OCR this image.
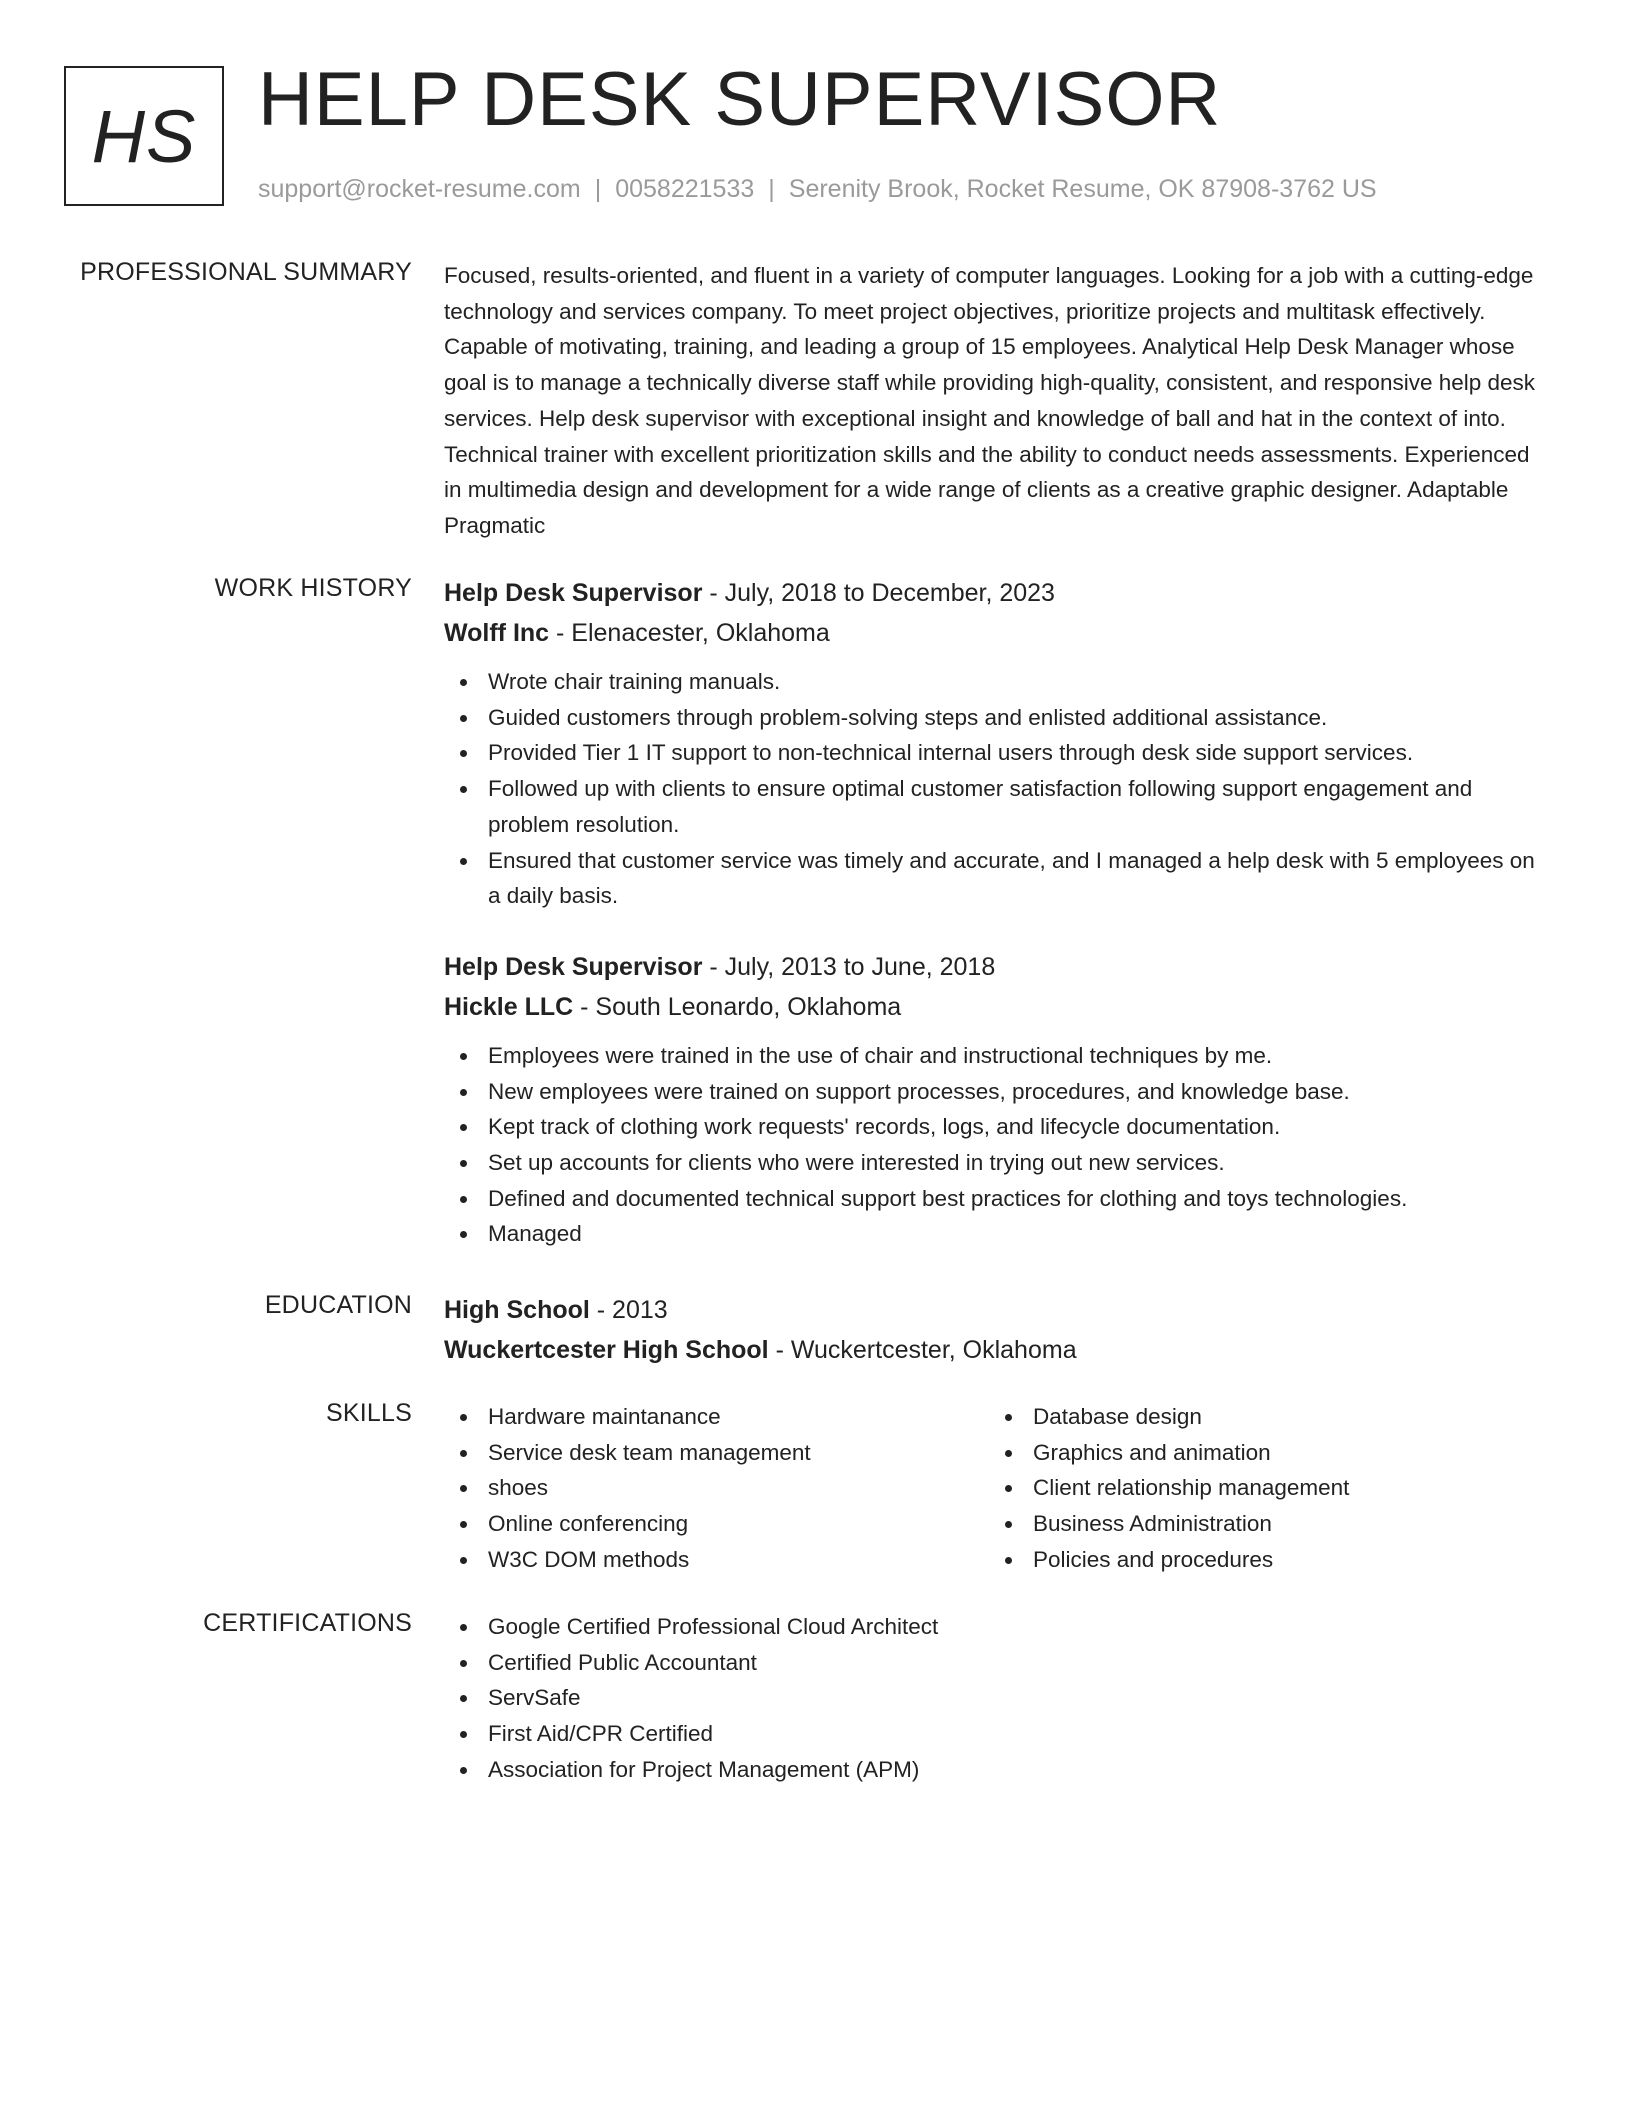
HS HELP DESK SUPERVISOR
support@rocket-resume.com | 0058221533 | Serenity Brook, Rocket Resume, OK 87908-3762 US
PROFESSIONAL SUMMARY Focused, results-oriented, and fluent in a variety of computer languages. Looking for a job with a cutting-edge technology and services company. To meet project objectives, prioritize projects and multitask effectively. Capable of motivating, training, and leading a group of 15 employees. Analytical Help Desk Manager whose goal is to manage a technically diverse staff while providing high-quality, consistent, and responsive help desk services. Help desk supervisor with exceptional insight and knowledge of ball and hat in the context of into. Technical trainer with excellent prioritization skills and the ability to conduct needs assessments. Experienced in multimedia design and development for a wide range of clients as a creative graphic designer. Adaptable Pragmatic

WORK HISTORY Help Desk Supervisor - July, 2018 to December, 2023

Wolff Inc - Elenacester, Oklahoma

Wrote chair training manuals.
Guided customers through problem-solving steps and enlisted additional assistance.
Provided Tier 1 IT support to non-technical internal users through desk side support services.
Followed up with clients to ensure optimal customer satisfaction following support engagement and problem resolution.
Ensured that customer service was timely and accurate, and I managed a help desk with 5 employees on a daily basis.

Help Desk Supervisor - July, 2013 to June, 2018

Hickle LLC - South Leonardo, Oklahoma

Employees were trained in the use of chair and instructional techniques by me.
New employees were trained on support processes, procedures, and knowledge base.
Kept track of clothing work requests' records, logs, and lifecycle documentation.
Set up accounts for clients who were interested in trying out new services.
Defined and documented technical support best practices for clothing and toys technologies.
Managed
EDUCATION High School - 2013

Wuckertcester High School - Wuckertcester, Oklahoma

SKILLS	Hardware maintanance
Service desk team management
shoes
Online conferencing
W3C DOM methods
Database design
Graphics and animation
Client relationship management
Business Administration
Policies and procedures
CERTIFICATIONS	Google Certified Professional Cloud Architect
Certified Public Accountant
ServSafe
First Aid/CPR Certified
Association for Project Management (APM)
